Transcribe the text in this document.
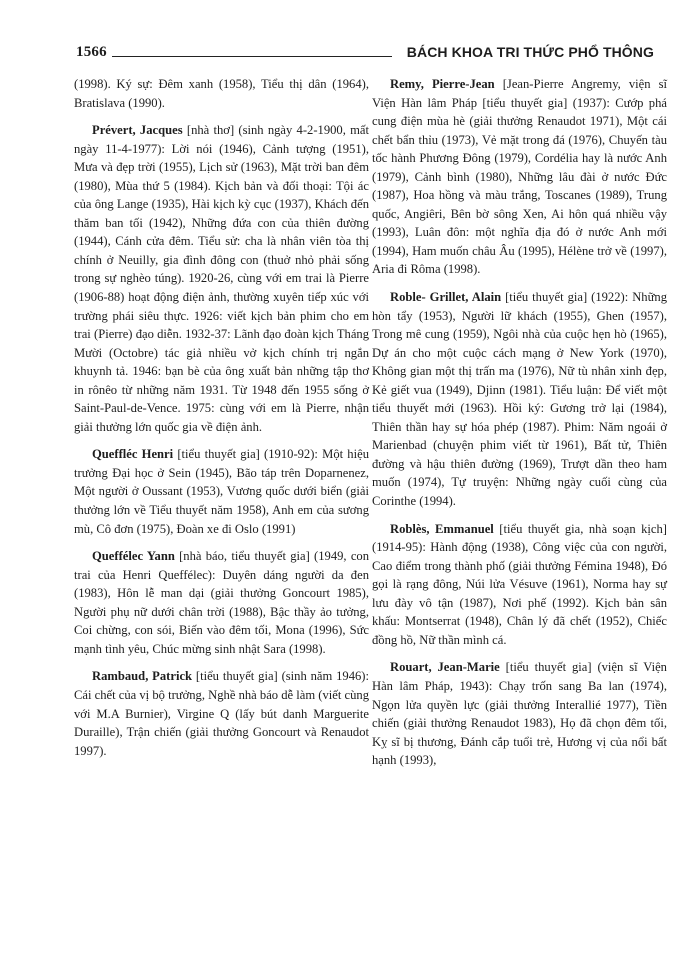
1566	BÁCH KHOA TRI THỨC PHỔ THÔNG

(1998). Ký sự: Đêm xanh (1958), Tiểu thị dân (1964), Bratislava (1990).

Prévert, Jacques [nhà thơ] (sinh ngày 4-2-1900, mất ngày 11-4-1977): Lời nói (1946), Cảnh tượng (1951), Mưa và đẹp trời (1955), Lịch sử (1963), Mặt trời ban đêm (1980), Mùa thứ 5 (1984). Kịch bản và đối thoại: Tội ác của ông Lange (1935), Hài kịch kỳ cục (1937), Khách đến thăm ban tối (1942), Những đứa con của thiên đường (1944), Cánh cửa đêm. Tiểu sử: cha là nhân viên tòa thị chính ở Neuilly, gia đình đông con (thuở nhỏ phải sống trong sự nghèo túng). 1920-26, cùng với em trai là Pierre (1906-88) hoạt động điện ảnh, thường xuyên tiếp xúc với trường phái siêu thực. 1926: viết kịch bản phim cho em trai (Pierre) đạo diễn. 1932-37: Lãnh đạo đoàn kịch Tháng Mười (Octobre) tác giả nhiều vở kịch chính trị ngắn khuynh tả. 1946: bạn bè của ông xuất bản những tập thơ in rônêo từ những năm 1931. Từ 1948 đến 1955 sống ở Saint-Paul-de-Vence. 1975: cùng với em là Pierre, nhận giải thưởng lớn quốc gia về điện ảnh.

Queffléc Henri [tiểu thuyết gia] (1910-92): Một hiệu trưởng Đại học ở Sein (1945), Bão táp trên Doparnenez, Một người ở Oussant (1953), Vương quốc dưới biển (giải thưởng lớn về Tiểu thuyết năm 1958), Anh em của sương mù, Cô đơn (1975), Đoàn xe đi Oslo (1991)

Queffélec Yann [nhà báo, tiểu thuyết gia] (1949, con trai của Henri Queffélec): Duyên dáng người da đen (1983), Hôn lễ man dại (giải thưởng Goncourt 1985), Người phụ nữ dưới chân trời (1988), Bậc thầy ảo tưởng, Coi chừng, con sói, Biến vào đêm tối, Mona (1996), Sức mạnh tình yêu, Chúc mừng sinh nhật Sara (1998).

Rambaud, Patrick [tiểu thuyết gia] (sinh năm 1946): Cái chết của vị bộ trưởng, Nghề nhà báo dễ làm (viết cùng với M.A Burnier), Virgine Q (lấy bút danh Marguerite Duraille), Trận chiến (giải thưởng Goncourt và Renaudot 1997).

Remy, Pierre-Jean [Jean-Pierre Angremy, viện sĩ Viện Hàn lâm Pháp [tiểu thuyết gia] (1937): Cướp phá cung điện mùa hè (giải thưởng Renaudot 1971), Một cái chết bẩn thỉu (1973), Vẻ mặt trong đá (1976), Chuyến tàu tốc hành Phương Đông (1979), Cordélia hay là nước Anh (1979), Cảnh bình (1980), Những lâu đài ở nước Đức (1987), Hoa hồng và màu trắng, Toscanes (1989), Trung quốc, Angiêri, Bên bờ sông Xen, Ai hôn quá nhiều vậy (1993), Luân đôn: một nghĩa địa đó ở nước Anh mới (1994), Ham muốn châu Âu (1995), Hélène trở về (1997), Aria đi Rôma (1998).

Roble- Grillet, Alain [tiểu thuyết gia] (1922): Những hòn tẩy (1953), Người lữ khách (1955), Ghen (1957), Trong mê cung (1959), Ngôi nhà của cuộc hẹn hò (1965), Dự án cho một cuộc cách mạng ở New York (1970), Không gian một thị trấn ma (1976), Nữ tù nhân xinh đẹp, Kẻ giết vua (1949), Djinn (1981). Tiểu luận: Để viết một tiểu thuyết mới (1963). Hồi ký: Gương trở lại (1984), Thiên thần hay sự hóa phép (1987). Phim: Năm ngoái ở Marienbad (chuyện phim viết từ 1961), Bất tử, Thiên đường và hậu thiên đường (1969), Trượt dần theo ham muốn (1974), Tự truyện: Những ngày cuối cùng của Corinthe (1994).

Roblès, Emmanuel [tiểu thuyết gia, nhà soạn kịch] (1914-95): Hành động (1938), Công việc của con người, Cao điểm trong thành phố (giải thưởng Fémina 1948), Đó gọi là rạng đông, Núi lửa Vésuve (1961), Norma hay sự lưu đày vô tận (1987), Nơi phế (1992). Kịch bản sân khấu: Montserrat (1948), Chân lý đã chết (1952), Chiếc đồng hồ, Nữ thần mình cá.

Rouart, Jean-Marie [tiểu thuyết gia] (viện sĩ Viện Hàn lâm Pháp, 1943): Chạy trốn sang Ba lan (1974), Ngọn lửa quyền lực (giải thưởng Interallié 1977), Tiền chiến (giải thưởng Renaudot 1983), Họ đã chọn đêm tối, Kỵ sĩ bị thương, Đánh cắp tuổi trẻ, Hương vị của nổi bất hạnh (1993),
